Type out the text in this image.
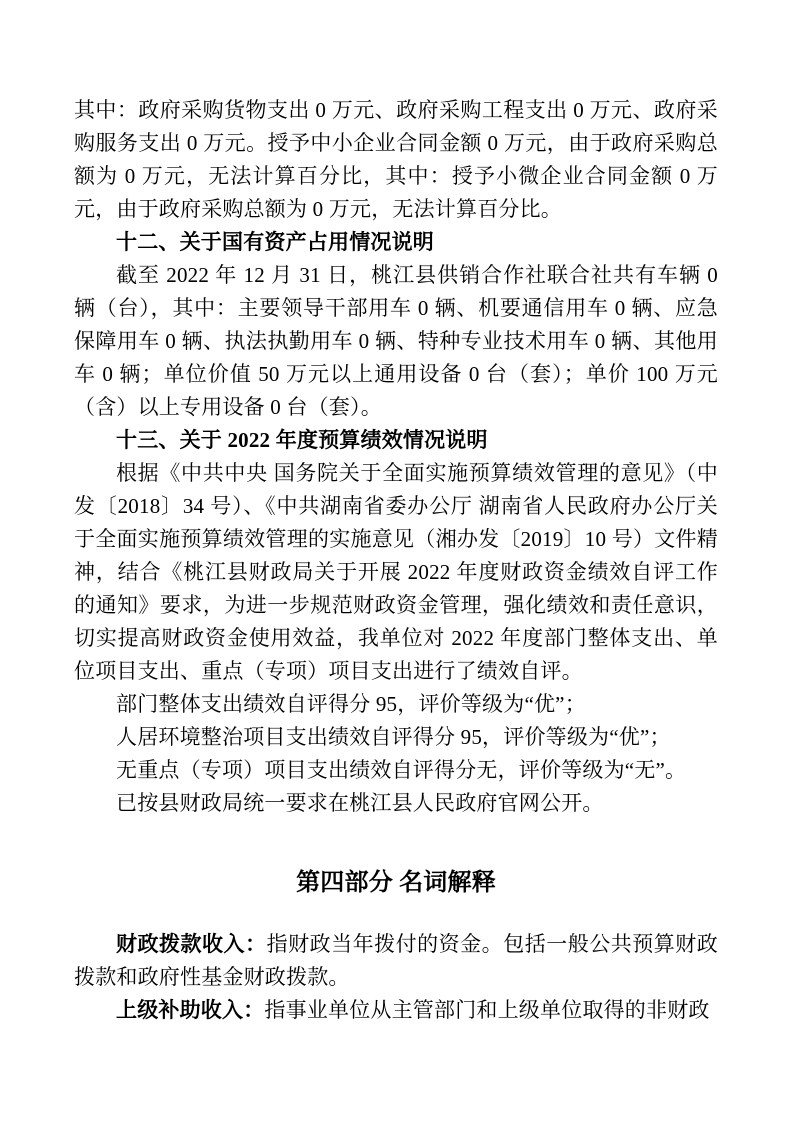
其中：政府采购货物支出 0 万元、政府采购工程支出 0 万元、政府采购服务支出 0 万元。授予中小企业合同金额 0 万元，由于政府采购总额为 0 万元，无法计算百分比，其中：授予小微企业合同金额 0 万元，由于政府采购总额为 0 万元，无法计算百分比。

十二、关于国有资产占用情况说明

截至 2022 年 12 月 31 日，桃江县供销合作社联合社共有车辆 0 辆（台），其中：主要领导干部用车 0 辆、机要通信用车 0 辆、应急保障用车 0 辆、执法执勤用车 0 辆、特种专业技术用车 0 辆、其他用车 0 辆；单位价值 50 万元以上通用设备 0 台（套）；单价 100 万元（含）以上专用设备 0 台（套）。

十三、关于 2022 年度预算绩效情况说明

根据《中共中央 国务院关于全面实施预算绩效管理的意见》（中发〔2018〕34 号）、《中共湖南省委办公厅 湖南省人民政府办公厅关于全面实施预算绩效管理的实施意见（湘办发〔2019〕10 号）文件精神，结合《桃江县财政局关于开展 2022 年度财政资金绩效自评工作的通知》要求，为进一步规范财政资金管理，强化绩效和责任意识，切实提高财政资金使用效益，我单位对 2022 年度部门整体支出、单位项目支出、重点（专项）项目支出进行了绩效自评。

部门整体支出绩效自评得分 95，评价等级为“优”；

人居环境整治项目支出绩效自评得分 95，评价等级为“优”；

无重点（专项）项目支出绩效自评得分无，评价等级为“无”。

已按县财政局统一要求在桃江县人民政府官网公开。

第四部分 名词解释

财政拨款收入：指财政当年拨付的资金。包括一般公共预算财政拨款和政府性基金财政拨款。

上级补助收入：指事业单位从主管部门和上级单位取得的非财政
